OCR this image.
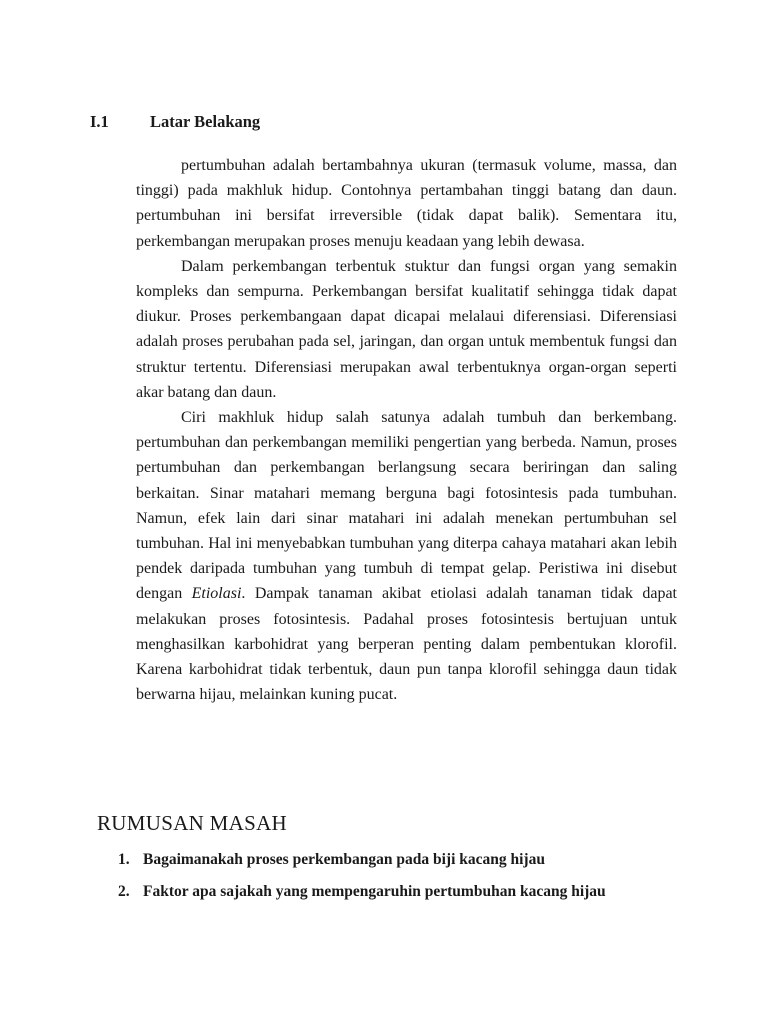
I.1	Latar Belakang

pertumbuhan adalah bertambahnya ukuran (termasuk volume, massa, dan tinggi) pada makhluk hidup. Contohnya pertambahan tinggi batang dan daun. pertumbuhan ini bersifat irreversible (tidak dapat balik). Sementara itu, perkembangan merupakan proses menuju keadaan yang lebih dewasa.

Dalam perkembangan terbentuk stuktur dan fungsi organ yang semakin kompleks dan sempurna. Perkembangan bersifat kualitatif sehingga tidak dapat diukur. Proses perkembangaan dapat dicapai melalaui diferensiasi. Diferensiasi adalah proses perubahan pada sel, jaringan, dan organ untuk membentuk fungsi dan struktur tertentu. Diferensiasi merupakan awal terbentuknya organ-organ seperti akar batang dan daun.

Ciri makhluk hidup salah satunya adalah tumbuh dan berkembang. pertumbuhan dan perkembangan memiliki pengertian yang berbeda. Namun, proses pertumbuhan dan perkembangan berlangsung secara beriringan dan saling berkaitan. Sinar matahari memang berguna bagi fotosintesis pada tumbuhan. Namun, efek lain dari sinar matahari ini adalah menekan pertumbuhan sel tumbuhan. Hal ini menyebabkan tumbuhan yang diterpa cahaya matahari akan lebih pendek daripada tumbuhan yang tumbuh di tempat gelap. Peristiwa ini disebut dengan Etiolasi. Dampak tanaman akibat etiolasi adalah tanaman tidak dapat melakukan proses fotosintesis. Padahal proses fotosintesis bertujuan untuk menghasilkan karbohidrat yang berperan penting dalam pembentukan klorofil. Karena karbohidrat tidak terbentuk, daun pun tanpa klorofil sehingga daun tidak berwarna hijau, melainkan kuning pucat.

RUMUSAN MASAH
1. Bagaimanakah proses perkembangan pada biji kacang hijau
2. Faktor apa sajakah yang mempengaruhin pertumbuhan kacang hijau
